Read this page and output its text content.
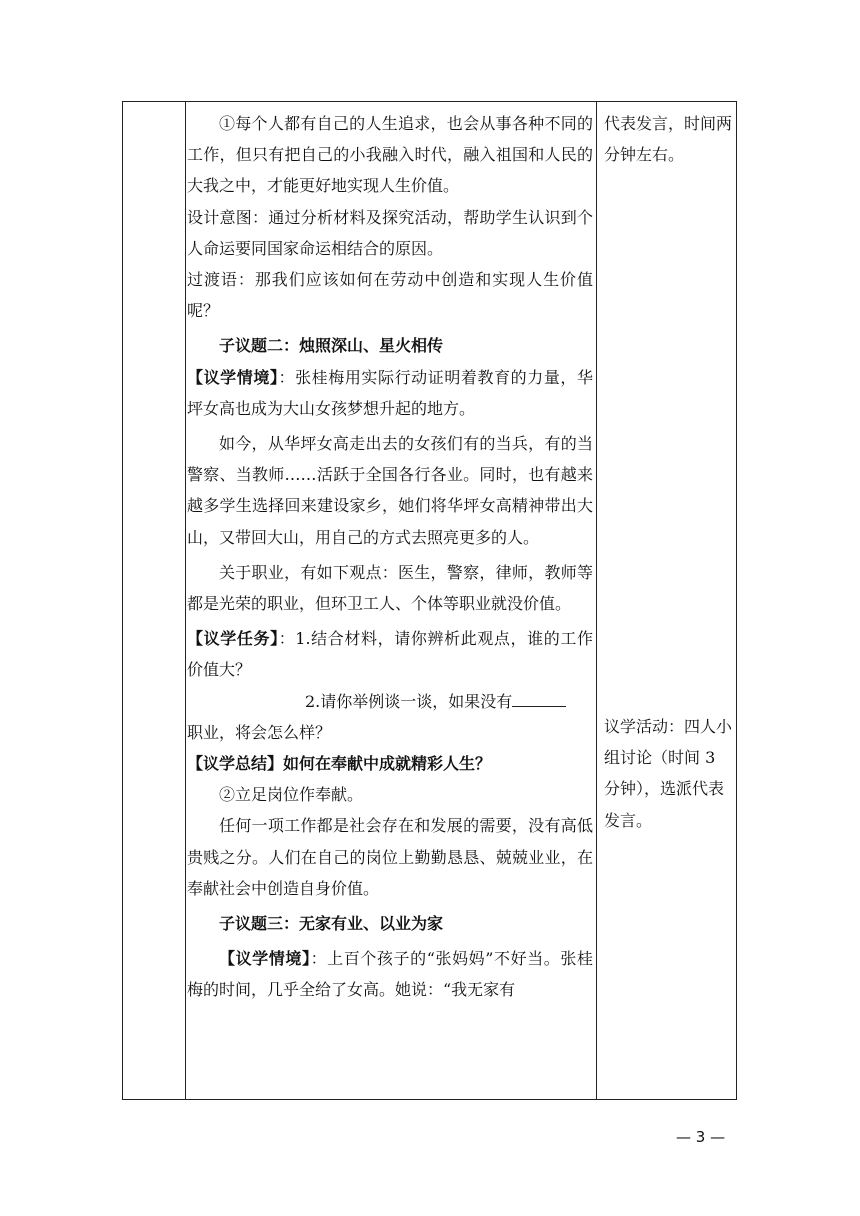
①每个人都有自己的人生追求，也会从事各种不同的工作，但只有把自己的小我融入时代，融入祖国和人民的大我之中，才能更好地实现人生价值。

设计意图：通过分析材料及探究活动，帮助学生认识到个人命运要同国家命运相结合的原因。

过渡语：那我们应该如何在劳动中创造和实现人生价值呢？

子议题二：烛照深山、星火相传

【议学情境】：张桂梅用实际行动证明着教育的力量，华坪女高也成为大山女孩梦想升起的地方。

如今，从华坪女高走出去的女孩们有的当兵，有的当警察、当教师……活跃于全国各行各业。同时，也有越来越多学生选择回来建设家乡，她们将华坪女高精神带出大山，又带回大山，用自己的方式去照亮更多的人。

关于职业，有如下观点：医生，警察，律师，教师等都是光荣的职业，但环卫工人、个体等职业就没价值。

【议学任务】：1.结合材料，请你辨析此观点，谁的工作价值大？

2.请你举例谈一谈，如果没有

职业，将会怎么样？

【议学总结】如何在奉献中成就精彩人生？

②立足岗位作奉献。

任何一项工作都是社会存在和发展的需要，没有高低贵贱之分。人们在自己的岗位上勤勤恳恳、兢兢业业，在奉献社会中创造自身价值。

子议题三：无家有业、以业为家

【议学情境】：上百个孩子的“张妈妈”不好当。张桂梅的时间，几乎全给了女高。她说：“我无家有

代表发言，时间两分钟左右。

议学活动：四人小组讨论（时间 3 分钟），选派代表发言。

— 3 —
